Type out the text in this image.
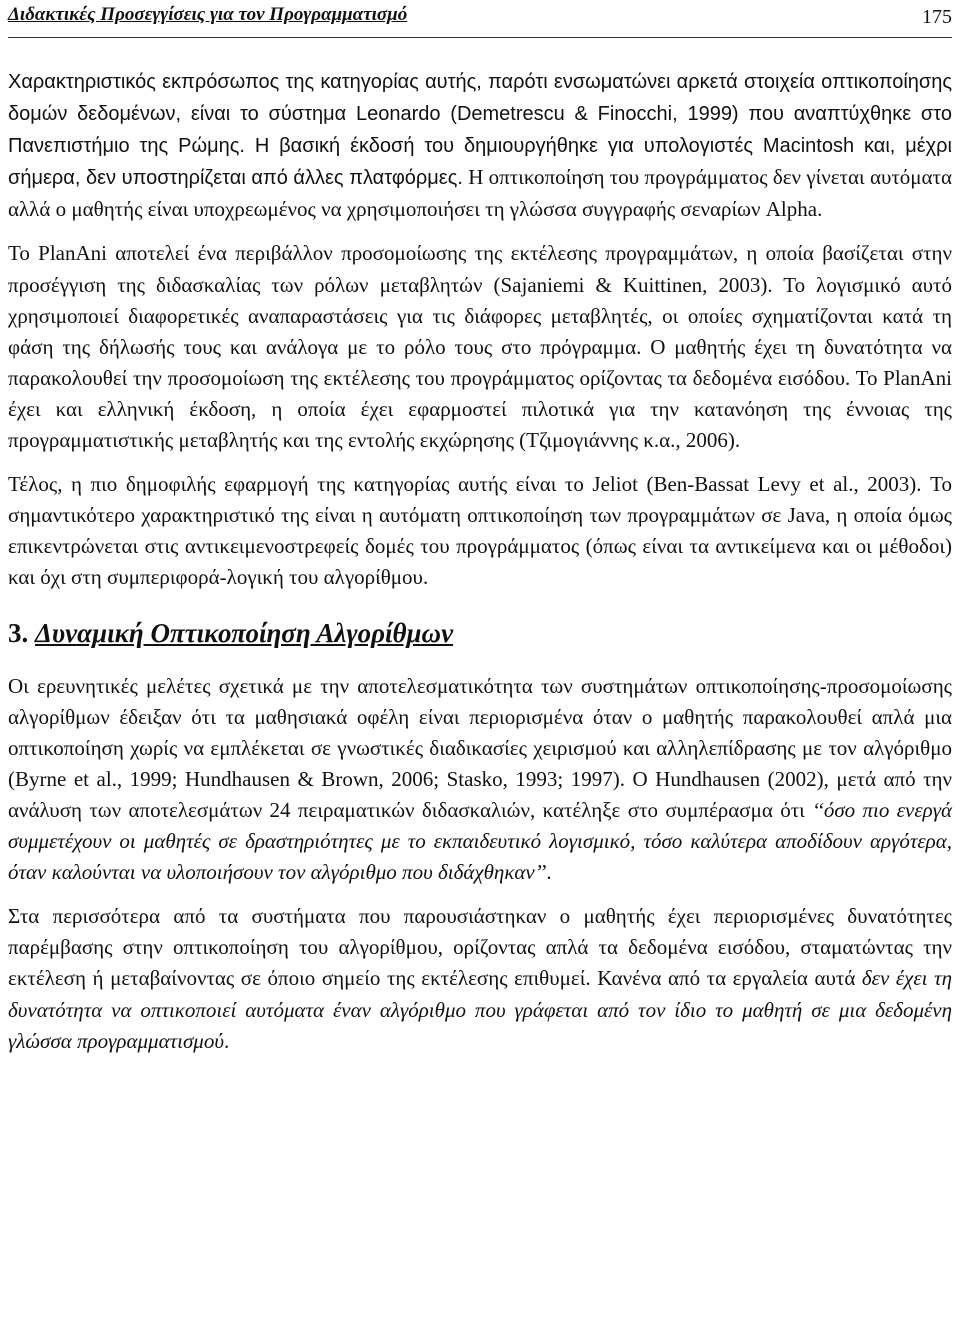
Διδακτικές Προσεγγίσεις για τον Προγραμματισμό	175

Χαρακτηριστικός εκπρόσωπος της κατηγορίας αυτής, παρότι ενσωματώνει αρκετά στοιχεία οπτικοποίησης δομών δεδομένων, είναι το σύστημα Leonardo (Demetrescu & Finocchi, 1999) που αναπτύχθηκε στο Πανεπιστήμιο της Ρώμης. Η βασική έκδοσή του δημιουργήθηκε για υπολογιστές Macintosh και, μέχρι σήμερα, δεν υποστηρίζεται από άλλες πλατφόρμες. Η οπτικοποίηση του προγράμματος δεν γίνεται αυτόματα αλλά ο μαθητής είναι υποχρεωμένος να χρησιμοποιήσει τη γλώσσα συγγραφής σεναρίων Alpha.

Το PlanAni αποτελεί ένα περιβάλλον προσομοίωσης της εκτέλεσης προγραμμάτων, η οποία βασίζεται στην προσέγγιση της διδασκαλίας των ρόλων μεταβλητών (Sajaniemi & Kuittinen, 2003). Το λογισμικό αυτό χρησιμοποιεί διαφορετικές αναπαραστάσεις για τις διάφορες μεταβλητές, οι οποίες σχηματίζονται κατά τη φάση της δήλωσής τους και ανάλογα με το ρόλο τους στο πρόγραμμα. Ο μαθητής έχει τη δυνατότητα να παρακολουθεί την προσομοίωση της εκτέλεσης του προγράμματος ορίζοντας τα δεδομένα εισόδου. Το PlanAni έχει και ελληνική έκδοση, η οποία έχει εφαρμοστεί πιλοτικά για την κατανόηση της έννοιας της προγραμματιστικής μεταβλητής και της εντολής εκχώρησης (Τζιμογιάννης κ.α., 2006).

Τέλος, η πιο δημοφιλής εφαρμογή της κατηγορίας αυτής είναι το Jeliot (Ben-Bassat Levy et al., 2003). Το σημαντικότερο χαρακτηριστικό της είναι η αυτόματη οπτικοποίηση των προγραμμάτων σε Java, η οποία όμως επικεντρώνεται στις αντικειμενοστρεφείς δομές του προγράμματος (όπως είναι τα αντικείμενα και οι μέθοδοι) και όχι στη συμπεριφορά-λογική του αλγορίθμου.

3. Δυναμική Οπτικοποίηση Αλγορίθμων

Οι ερευνητικές μελέτες σχετικά με την αποτελεσματικότητα των συστημάτων οπτικοποίησης-προσομοίωσης αλγορίθμων έδειξαν ότι τα μαθησιακά οφέλη είναι περιορισμένα όταν ο μαθητής παρακολουθεί απλά μια οπτικοποίηση χωρίς να εμπλέκεται σε γνωστικές διαδικασίες χειρισμού και αλληλεπίδρασης με τον αλγόριθμο (Byrne et al., 1999; Hundhausen & Brown, 2006; Stasko, 1993; 1997). Ο Hundhausen (2002), μετά από την ανάλυση των αποτελεσμάτων 24 πειραματικών διδασκαλιών, κατέληξε στο συμπέρασμα ότι ‘‘όσο πιο ενεργά συμμετέχουν οι μαθητές σε δραστηριότητες με το εκπαιδευτικό λογισμικό, τόσο καλύτερα αποδίδουν αργότερα, όταν καλούνται να υλοποιήσουν τον αλγόριθμο που διδάχθηκαν’’.

Στα περισσότερα από τα συστήματα που παρουσιάστηκαν ο μαθητής έχει περιορισμένες δυνατότητες παρέμβασης στην οπτικοποίηση του αλγορίθμου, ορίζοντας απλά τα δεδομένα εισόδου, σταματώντας την εκτέλεση ή μεταβαίνοντας σε όποιο σημείο της εκτέλεσης επιθυμεί. Κανένα από τα εργαλεία αυτά δεν έχει τη δυνατότητα να οπτικοποιεί αυτόματα έναν αλγόριθμο που γράφεται από τον ίδιο το μαθητή σε μια δεδομένη γλώσσα προγραμματισμού.
